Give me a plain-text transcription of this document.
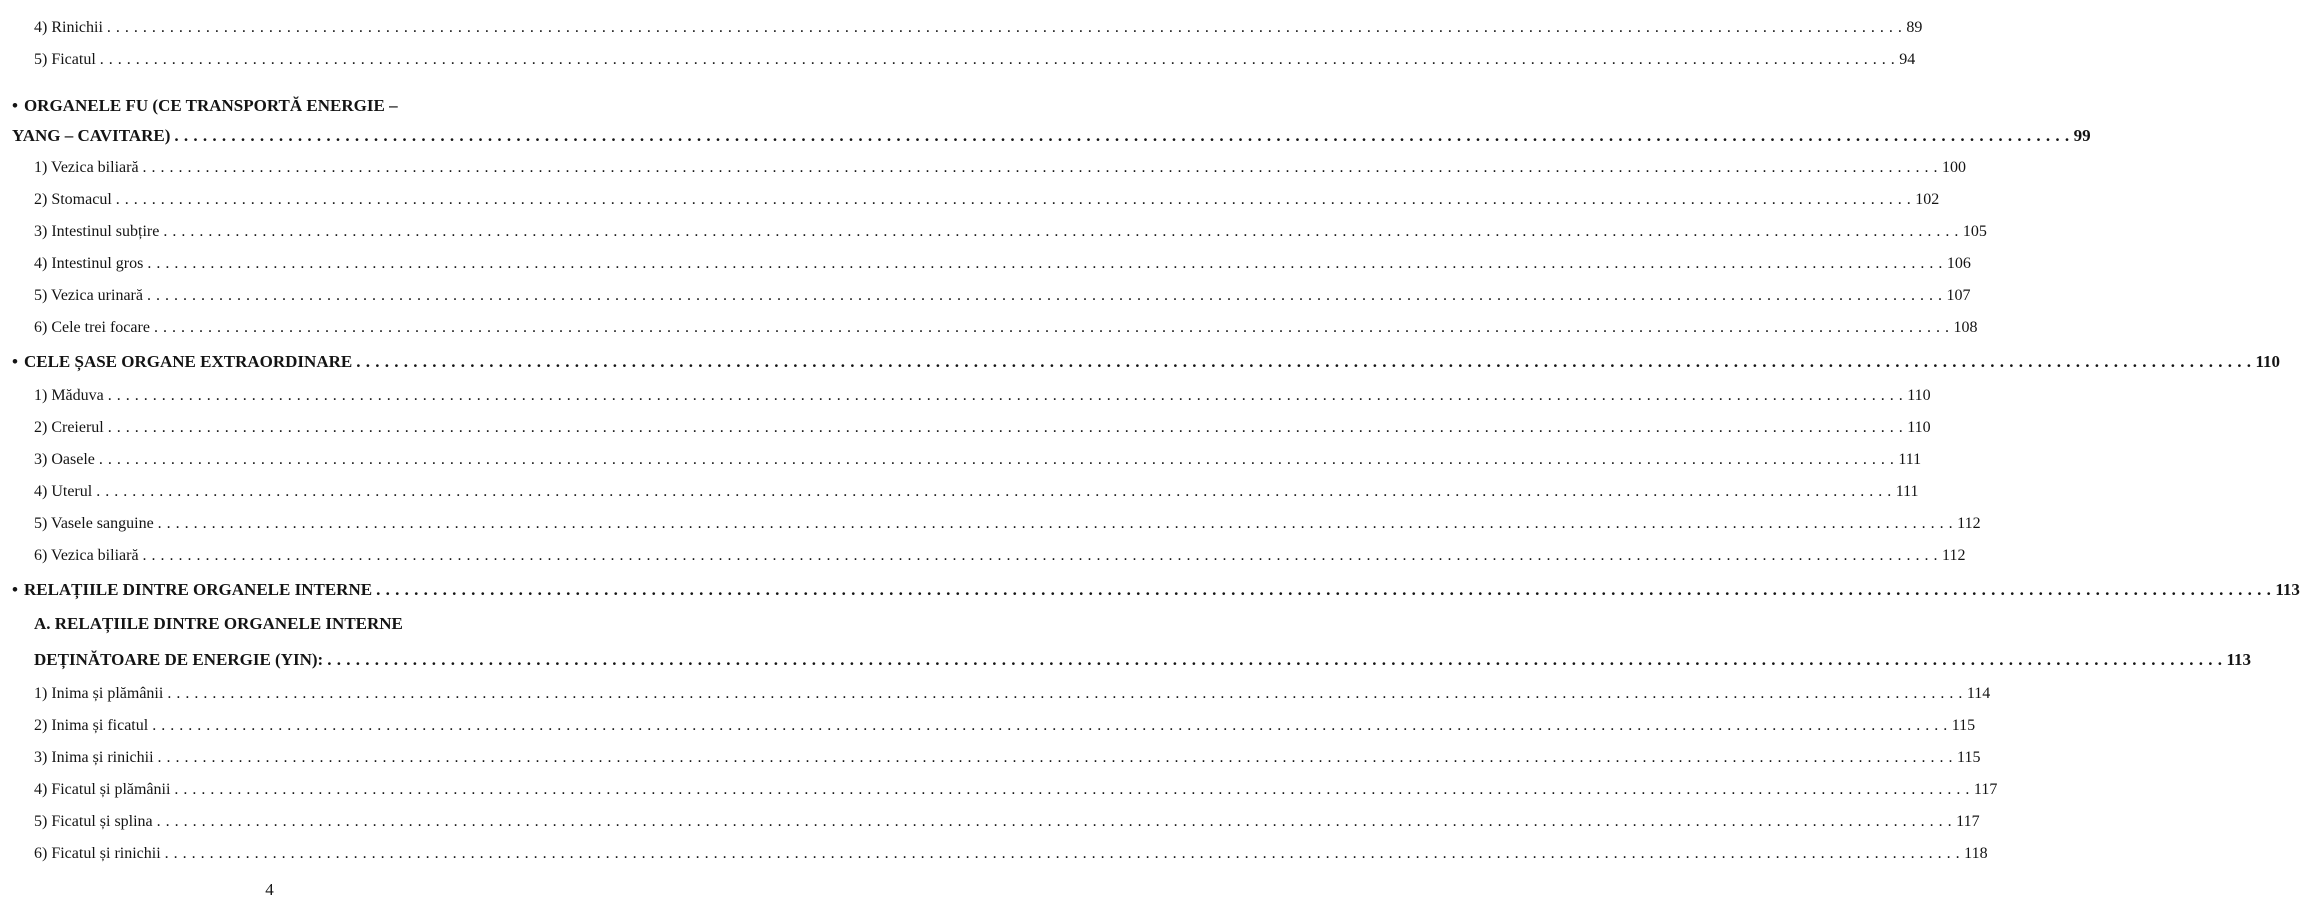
4) Rinichii . . . . . . . . . . . . . . . . . . . . . . . . . . . . . . . . . . . . . . . . . . . . . . . . . . . . . . . . . . . . . . . . . . . . . . . . . . . . . . . . . . . . . . . . . . . . . . . . . . . . . . . . . . . . . . . . . . . . . . . . . . . . . . . . . . . . . . . . . . . . . . . . . . . . . . . . . . . . . . . . . . . . . . . . . . . . . . . . . . . . . . . . . . . . . . . . . . . . . . . . 89
5) Ficatul . . . . . . . . . . . . . . . . . . . . . . . . . . . . . . . . . . . . . . . . . . . . . . . . . . . . . . . . . . . . . . . . . . . . . . . . . . . . . . . . . . . . . . . . . . . . . . . . . . . . . . . . . . . . . . . . . . . . . . . . . . . . . . . . . . . . . . . . . . . . . . . . . . . . . . . . . . . . . . . . . . . . . . . . . . . . . . . . . . . . . . . . . . . . . . . . . . . . . . . . 94
• ORGANELE FU (CE TRANSPORTĂ ENERGIE –
YANG – CAVITARE) . . . . . . . . . . . . . . . . . . . . . . . . . . . . . . . . . . . . . . . . . . . . . . . . . . . . . . . . . . . . . . . . . . . . . . . . . . . . . . . . . . . . . . . . . . . . . . . . . . . . . . . . . . . . . . . . . . . . . . . . . . . . . . . . . . . . . . . . . . . . . . . . . . . . . . . . . . . . . . . . . . . . . . . . . . . . . . . . . . . . . . . . . . . . . . . . . . . . . . . . 99
1) Vezica biliară . . . . . . . . . . . . . . . . . . . . . . . . . . . . . . . . . . . . . . . . . . . . . . . . . . . . . . . . . . . . . . . . . . . . . . . . . . . . . . . . . . . . . . . . . . . . . . . . . . . . . . . . . . . . . . . . . . . . . . . . . . . . . . . . . . . . . . . . . . . . . . . . . . . . . . . . . . . . . . . . . . . . . . . . . . . . . . . . . . . . . . . . . . . . . . . . . . . . . . . . 100
2) Stomacul . . . . . . . . . . . . . . . . . . . . . . . . . . . . . . . . . . . . . . . . . . . . . . . . . . . . . . . . . . . . . . . . . . . . . . . . . . . . . . . . . . . . . . . . . . . . . . . . . . . . . . . . . . . . . . . . . . . . . . . . . . . . . . . . . . . . . . . . . . . . . . . . . . . . . . . . . . . . . . . . . . . . . . . . . . . . . . . . . . . . . . . . . . . . . . . . . . . . . . . . 102
3) Intestinul subțire . . . . . . . . . . . . . . . . . . . . . . . . . . . . . . . . . . . . . . . . . . . . . . . . . . . . . . . . . . . . . . . . . . . . . . . . . . . . . . . . . . . . . . . . . . . . . . . . . . . . . . . . . . . . . . . . . . . . . . . . . . . . . . . . . . . . . . . . . . . . . . . . . . . . . . . . . . . . . . . . . . . . . . . . . . . . . . . . . . . . . . . . . . . . . . . . . . . . . . . . 105
4) Intestinul gros . . . . . . . . . . . . . . . . . . . . . . . . . . . . . . . . . . . . . . . . . . . . . . . . . . . . . . . . . . . . . . . . . . . . . . . . . . . . . . . . . . . . . . . . . . . . . . . . . . . . . . . . . . . . . . . . . . . . . . . . . . . . . . . . . . . . . . . . . . . . . . . . . . . . . . . . . . . . . . . . . . . . . . . . . . . . . . . . . . . . . . . . . . . . . . . . . . . . . . . . 106
5) Vezica urinară . . . . . . . . . . . . . . . . . . . . . . . . . . . . . . . . . . . . . . . . . . . . . . . . . . . . . . . . . . . . . . . . . . . . . . . . . . . . . . . . . . . . . . . . . . . . . . . . . . . . . . . . . . . . . . . . . . . . . . . . . . . . . . . . . . . . . . . . . . . . . . . . . . . . . . . . . . . . . . . . . . . . . . . . . . . . . . . . . . . . . . . . . . . . . . . . . . . . . . . . 107
6) Cele trei focare . . . . . . . . . . . . . . . . . . . . . . . . . . . . . . . . . . . . . . . . . . . . . . . . . . . . . . . . . . . . . . . . . . . . . . . . . . . . . . . . . . . . . . . . . . . . . . . . . . . . . . . . . . . . . . . . . . . . . . . . . . . . . . . . . . . . . . . . . . . . . . . . . . . . . . . . . . . . . . . . . . . . . . . . . . . . . . . . . . . . . . . . . . . . . . . . . . . . . . . . 108
• CELE ȘASE ORGANE EXTRAORDINARE . . . . . . . . . . . . . . . . . . . . . . . . . . . . . . . . . . . . . . . . . . . . . . . . . . . . . . . . . . . . . . . . . . . . . . . . . . . . . . . . . . . . . . . . . . . . . . . . . . . . . . . . . . . . . . . . . . . . . . . . . . . . . . . . . . . . . . . . . . . . . . . . . . . . . . . . . . . . . . . . . . . . . . . . . . . . . . . . . . . . . . . . . . . . . . . . . . . . . . . . 110
1) Măduva . . . . . . . . . . . . . . . . . . . . . . . . . . . . . . . . . . . . . . . . . . . . . . . . . . . . . . . . . . . . . . . . . . . . . . . . . . . . . . . . . . . . . . . . . . . . . . . . . . . . . . . . . . . . . . . . . . . . . . . . . . . . . . . . . . . . . . . . . . . . . . . . . . . . . . . . . . . . . . . . . . . . . . . . . . . . . . . . . . . . . . . . . . . . . . . . . . . . . . . . 110
2) Creierul . . . . . . . . . . . . . . . . . . . . . . . . . . . . . . . . . . . . . . . . . . . . . . . . . . . . . . . . . . . . . . . . . . . . . . . . . . . . . . . . . . . . . . . . . . . . . . . . . . . . . . . . . . . . . . . . . . . . . . . . . . . . . . . . . . . . . . . . . . . . . . . . . . . . . . . . . . . . . . . . . . . . . . . . . . . . . . . . . . . . . . . . . . . . . . . . . . . . . . . . 110
3) Oasele . . . . . . . . . . . . . . . . . . . . . . . . . . . . . . . . . . . . . . . . . . . . . . . . . . . . . . . . . . . . . . . . . . . . . . . . . . . . . . . . . . . . . . . . . . . . . . . . . . . . . . . . . . . . . . . . . . . . . . . . . . . . . . . . . . . . . . . . . . . . . . . . . . . . . . . . . . . . . . . . . . . . . . . . . . . . . . . . . . . . . . . . . . . . . . . . . . . . . . . . 111
4) Uterul . . . . . . . . . . . . . . . . . . . . . . . . . . . . . . . . . . . . . . . . . . . . . . . . . . . . . . . . . . . . . . . . . . . . . . . . . . . . . . . . . . . . . . . . . . . . . . . . . . . . . . . . . . . . . . . . . . . . . . . . . . . . . . . . . . . . . . . . . . . . . . . . . . . . . . . . . . . . . . . . . . . . . . . . . . . . . . . . . . . . . . . . . . . . . . . . . . . . . . . . 111
5) Vasele sanguine . . . . . . . . . . . . . . . . . . . . . . . . . . . . . . . . . . . . . . . . . . . . . . . . . . . . . . . . . . . . . . . . . . . . . . . . . . . . . . . . . . . . . . . . . . . . . . . . . . . . . . . . . . . . . . . . . . . . . . . . . . . . . . . . . . . . . . . . . . . . . . . . . . . . . . . . . . . . . . . . . . . . . . . . . . . . . . . . . . . . . . . . . . . . . . . . . . . . . . . . 112
6) Vezica biliară . . . . . . . . . . . . . . . . . . . . . . . . . . . . . . . . . . . . . . . . . . . . . . . . . . . . . . . . . . . . . . . . . . . . . . . . . . . . . . . . . . . . . . . . . . . . . . . . . . . . . . . . . . . . . . . . . . . . . . . . . . . . . . . . . . . . . . . . . . . . . . . . . . . . . . . . . . . . . . . . . . . . . . . . . . . . . . . . . . . . . . . . . . . . . . . . . . . . . . . . 112
• RELAȚIILE DINTRE ORGANELE INTERNE . . . . . . . . . . . . . . . . . . . . . . . . . . . . . . . . . . . . . . . . . . . . . . . . . . . . . . . . . . . . . . . . . . . . . . . . . . . . . . . . . . . . . . . . . . . . . . . . . . . . . . . . . . . . . . . . . . . . . . . . . . . . . . . . . . . . . . . . . . . . . . . . . . . . . . . . . . . . . . . . . . . . . . . . . . . . . . . . . . . . . . . . . . . . . . . . . . . . . . . . 113
A. RELAȚIILE DINTRE ORGANELE INTERNE
DEȚINĂTOARE DE ENERGIE (YIN): . . . . . . . . . . . . . . . . . . . . . . . . . . . . . . . . . . . . . . . . . . . . . . . . . . . . . . . . . . . . . . . . . . . . . . . . . . . . . . . . . . . . . . . . . . . . . . . . . . . . . . . . . . . . . . . . . . . . . . . . . . . . . . . . . . . . . . . . . . . . . . . . . . . . . . . . . . . . . . . . . . . . . . . . . . . . . . . . . . . . . . . . . . . . . . . . . . . . . . . . 113
1) Inima și plămânii . . . . . . . . . . . . . . . . . . . . . . . . . . . . . . . . . . . . . . . . . . . . . . . . . . . . . . . . . . . . . . . . . . . . . . . . . . . . . . . . . . . . . . . . . . . . . . . . . . . . . . . . . . . . . . . . . . . . . . . . . . . . . . . . . . . . . . . . . . . . . . . . . . . . . . . . . . . . . . . . . . . . . . . . . . . . . . . . . . . . . . . . . . . . . . . . . . . . . . . . 114
2) Inima și ficatul . . . . . . . . . . . . . . . . . . . . . . . . . . . . . . . . . . . . . . . . . . . . . . . . . . . . . . . . . . . . . . . . . . . . . . . . . . . . . . . . . . . . . . . . . . . . . . . . . . . . . . . . . . . . . . . . . . . . . . . . . . . . . . . . . . . . . . . . . . . . . . . . . . . . . . . . . . . . . . . . . . . . . . . . . . . . . . . . . . . . . . . . . . . . . . . . . . . . . . . . 115
3) Inima și rinichii . . . . . . . . . . . . . . . . . . . . . . . . . . . . . . . . . . . . . . . . . . . . . . . . . . . . . . . . . . . . . . . . . . . . . . . . . . . . . . . . . . . . . . . . . . . . . . . . . . . . . . . . . . . . . . . . . . . . . . . . . . . . . . . . . . . . . . . . . . . . . . . . . . . . . . . . . . . . . . . . . . . . . . . . . . . . . . . . . . . . . . . . . . . . . . . . . . . . . . . . 115
4) Ficatul și plămânii . . . . . . . . . . . . . . . . . . . . . . . . . . . . . . . . . . . . . . . . . . . . . . . . . . . . . . . . . . . . . . . . . . . . . . . . . . . . . . . . . . . . . . . . . . . . . . . . . . . . . . . . . . . . . . . . . . . . . . . . . . . . . . . . . . . . . . . . . . . . . . . . . . . . . . . . . . . . . . . . . . . . . . . . . . . . . . . . . . . . . . . . . . . . . . . . . . . . . . . . 117
5) Ficatul și splina . . . . . . . . . . . . . . . . . . . . . . . . . . . . . . . . . . . . . . . . . . . . . . . . . . . . . . . . . . . . . . . . . . . . . . . . . . . . . . . . . . . . . . . . . . . . . . . . . . . . . . . . . . . . . . . . . . . . . . . . . . . . . . . . . . . . . . . . . . . . . . . . . . . . . . . . . . . . . . . . . . . . . . . . . . . . . . . . . . . . . . . . . . . . . . . . . . . . . . . . 117
6) Ficatul și rinichii . . . . . . . . . . . . . . . . . . . . . . . . . . . . . . . . . . . . . . . . . . . . . . . . . . . . . . . . . . . . . . . . . . . . . . . . . . . . . . . . . . . . . . . . . . . . . . . . . . . . . . . . . . . . . . . . . . . . . . . . . . . . . . . . . . . . . . . . . . . . . . . . . . . . . . . . . . . . . . . . . . . . . . . . . . . . . . . . . . . . . . . . . . . . . . . . . . . . . . . . 118
4
